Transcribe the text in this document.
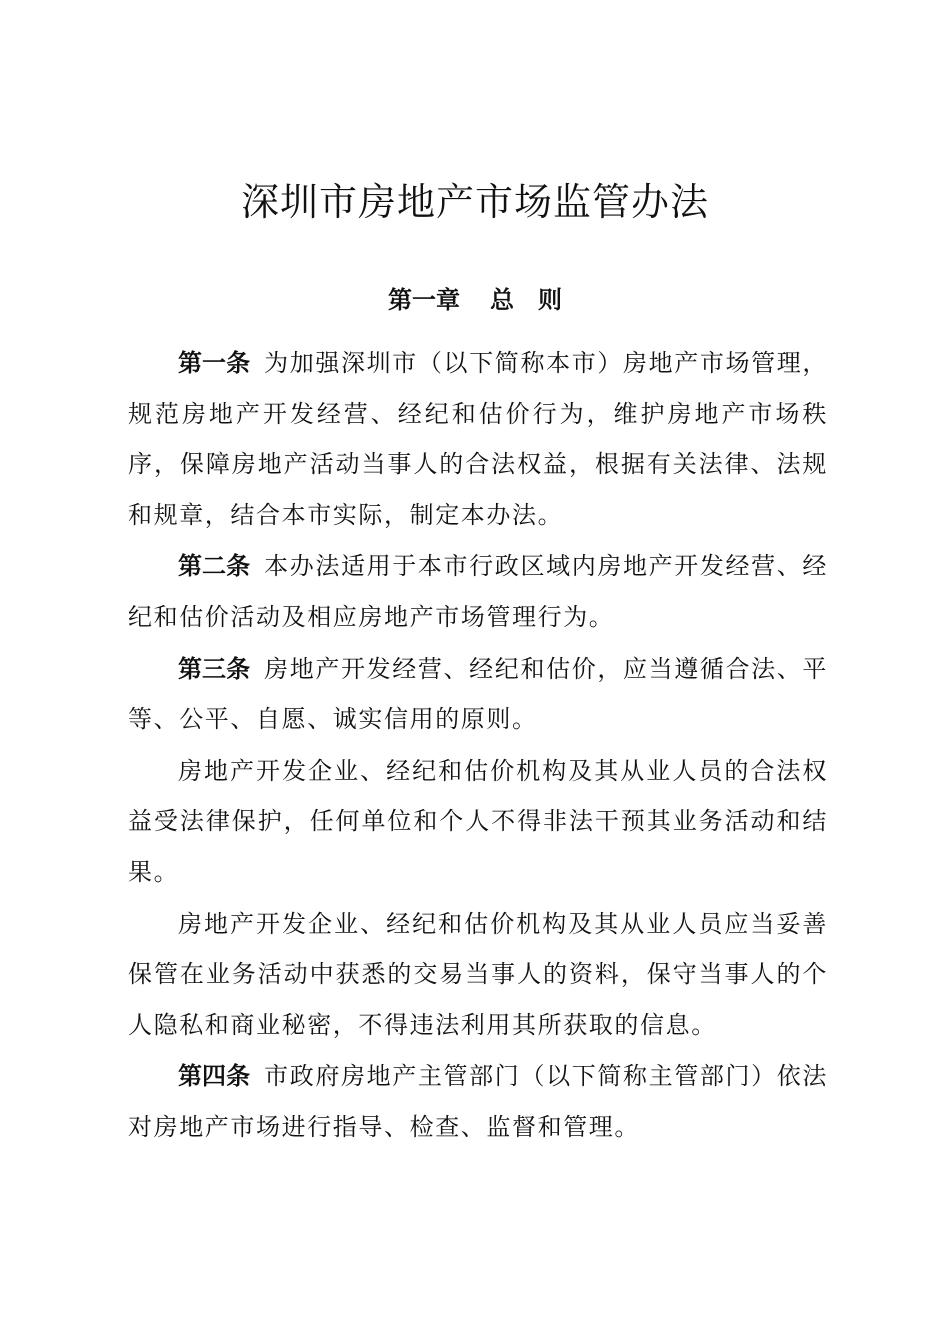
深圳市房地产市场监管办法
第一章 总　则

第一条 为加强深圳市（以下简称本市）房地产市场管理，规范房地产开发经营、经纪和估价行为，维护房地产市场秩序，保障房地产活动当事人的合法权益，根据有关法律、法规和规章，结合本市实际，制定本办法。

第二条 本办法适用于本市行政区域内房地产开发经营、经纪和估价活动及相应房地产市场管理行为。

第三条 房地产开发经营、经纪和估价，应当遵循合法、平等、公平、自愿、诚实信用的原则。

房地产开发企业、经纪和估价机构及其从业人员的合法权益受法律保护，任何单位和个人不得非法干预其业务活动和结果。

房地产开发企业、经纪和估价机构及其从业人员应当妥善保管在业务活动中获悉的交易当事人的资料，保守当事人的个人隐私和商业秘密，不得违法利用其所获取的信息。

第四条 市政府房地产主管部门（以下简称主管部门）依法对房地产市场进行指导、检查、监督和管理。
